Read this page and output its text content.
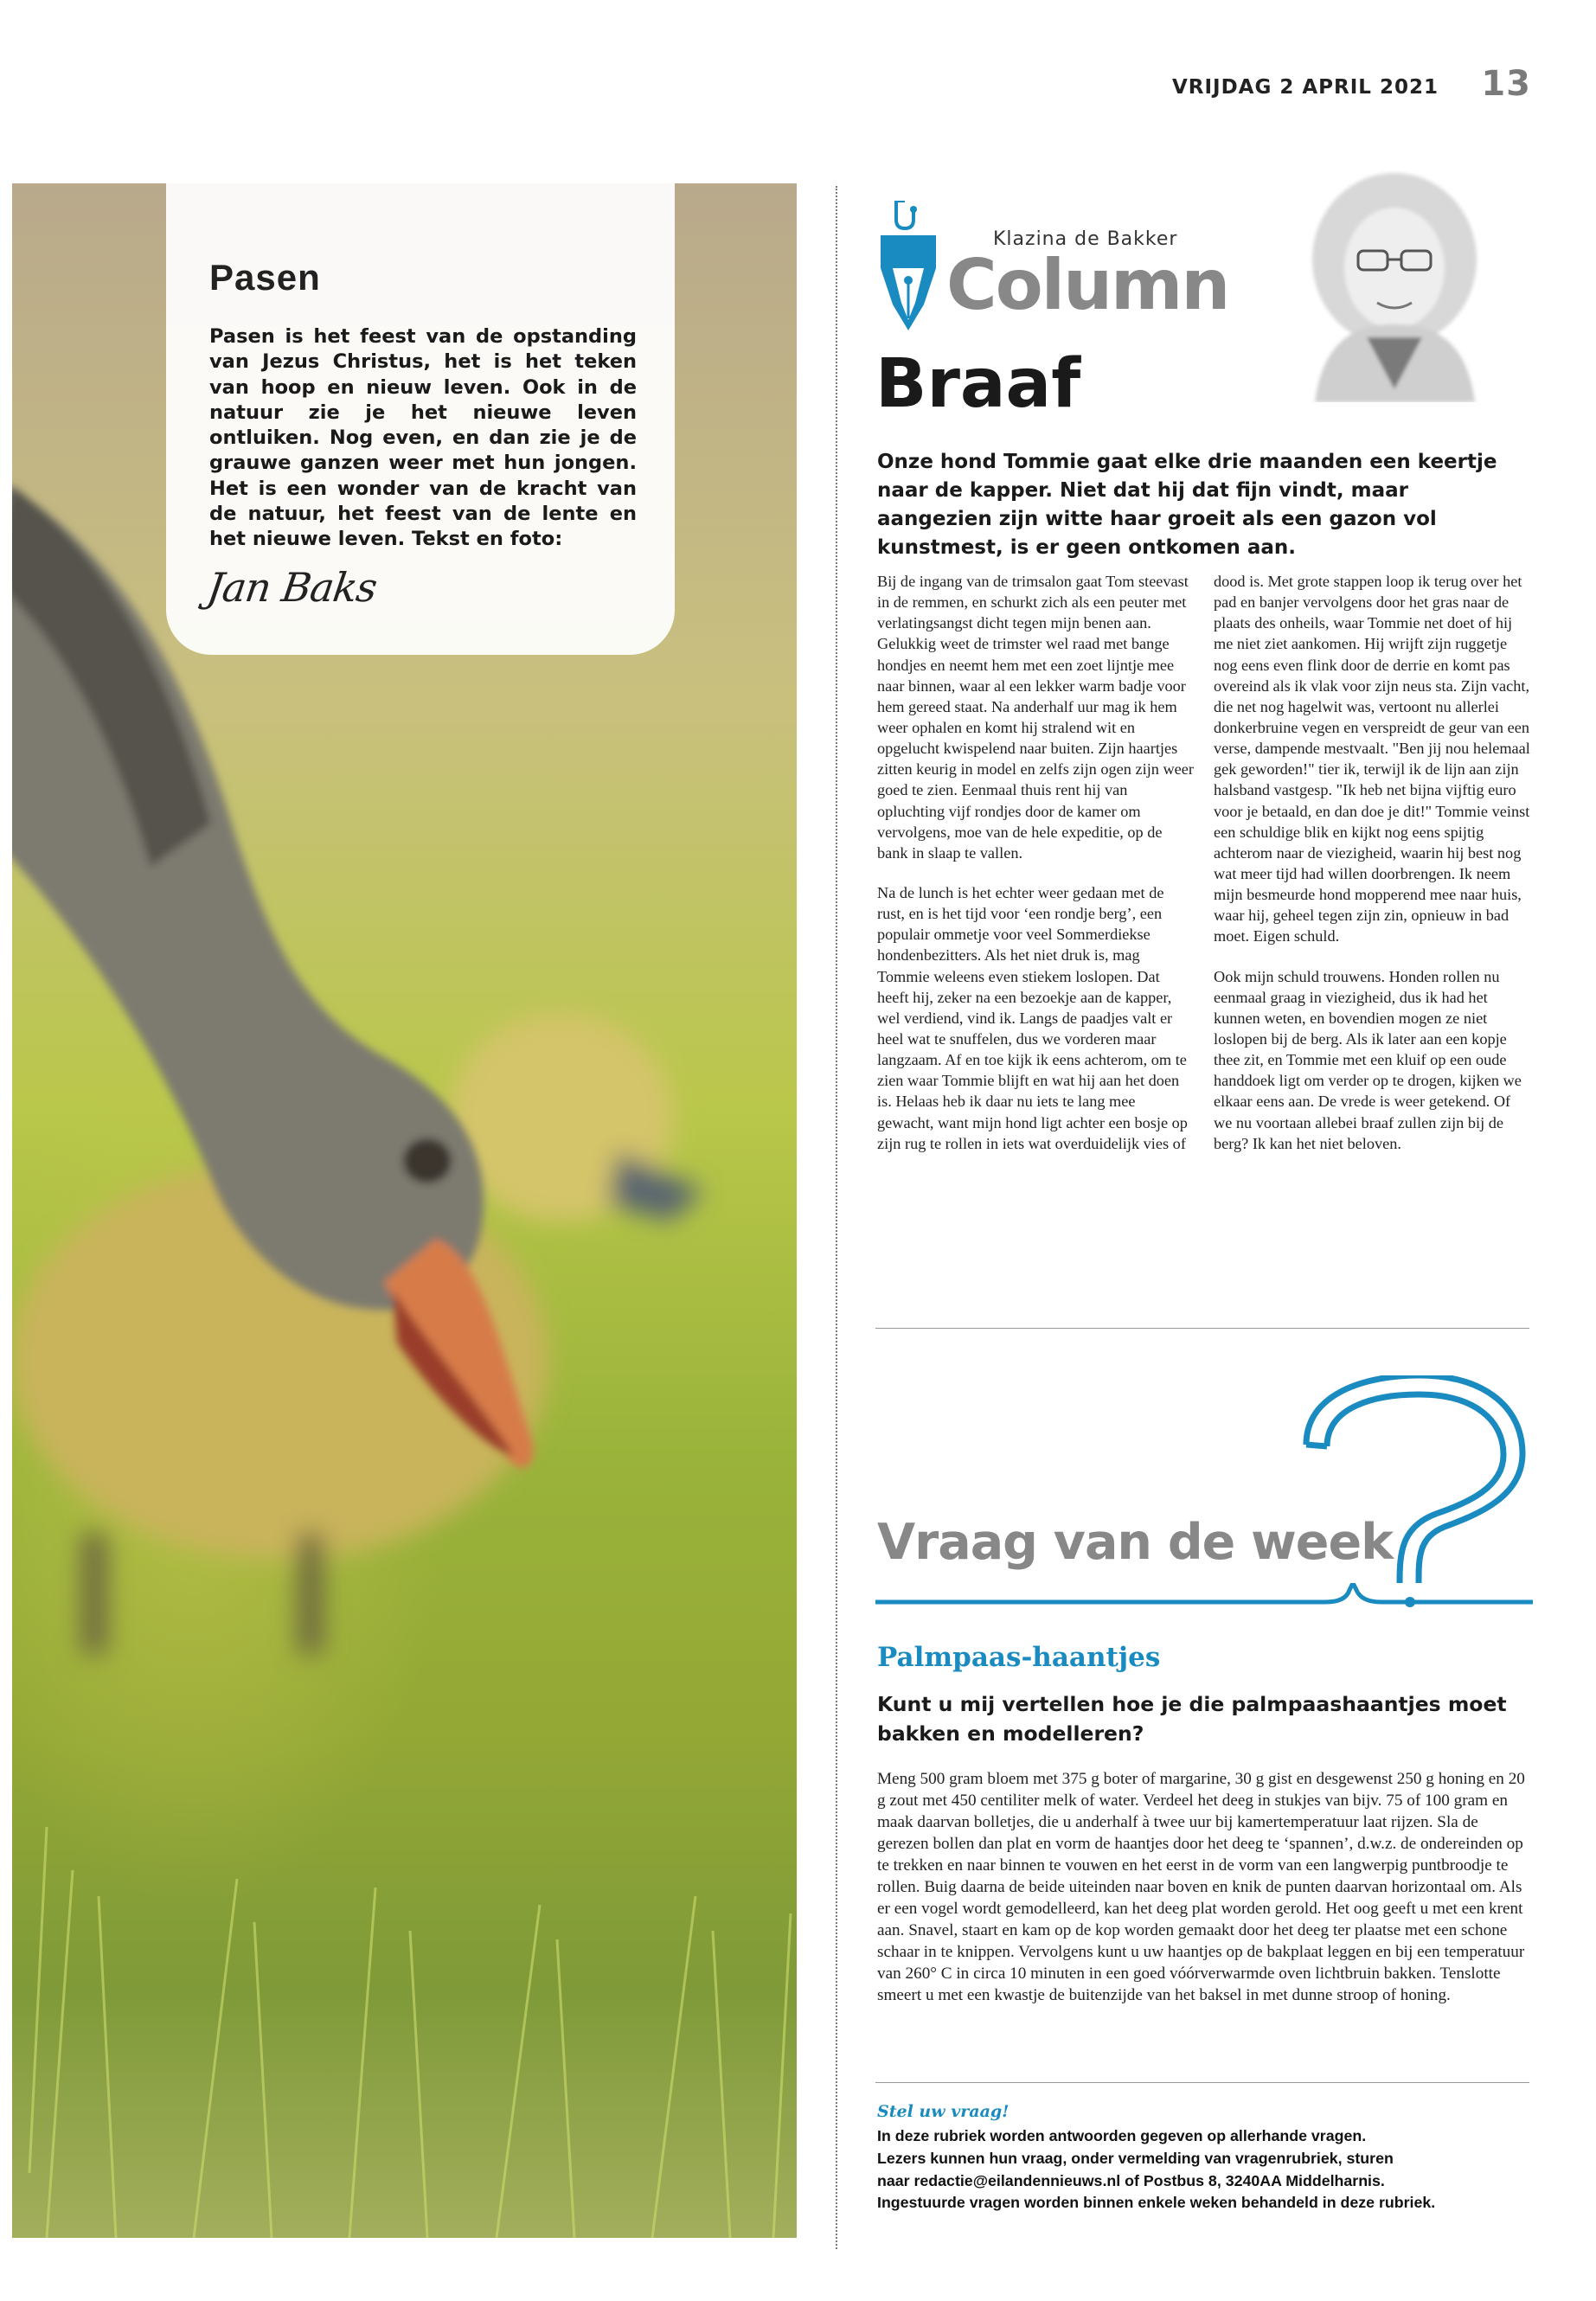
VRIJDAG 2 APRIL 2021 13
Pasen

Pasen is het feest van de opstanding van Jezus Christus, het is het teken van hoop en nieuw leven. Ook in de natuur zie je het nieuwe leven ontluiken. Nog even, en dan zie je de grauwe ganzen weer met hun jongen. Het is een wonder van de kracht van de natuur, het feest van de lente en het nieuwe leven. Tekst en foto:

Jan Baks
Klazina de Bakker
Column
Braaf

Onze hond Tommie gaat elke drie maanden een keertje naar de kapper. Niet dat hij dat fijn vindt, maar aangezien zijn witte haar groeit als een gazon vol kunstmest, is er geen ontkomen aan.

Bij de ingang van de trimsalon gaat Tom steevast in de remmen, en schurkt zich als een peuter met verlatingsangst dicht tegen mijn benen aan. Gelukkig weet de trimster wel raad met bange hondjes en neemt hem met een zoet lijntje mee naar binnen, waar al een lekker warm badje voor hem gereed staat. Na anderhalf uur mag ik hem weer ophalen en komt hij stralend wit en opgelucht kwispelend naar buiten. Zijn haartjes zitten keurig in model en zelfs zijn ogen zijn weer goed te zien. Eenmaal thuis rent hij van opluchting vijf rondjes door de kamer om vervolgens, moe van de hele expeditie, op de bank in slaap te vallen.

Na de lunch is het echter weer gedaan met de rust, en is het tijd voor ‘een rondje berg’, een populair ommetje voor veel Sommerdiekse hondenbezitters. Als het niet druk is, mag Tommie weleens even stiekem loslopen. Dat heeft hij, zeker na een bezoekje aan de kapper, wel verdiend, vind ik. Langs de paadjes valt er heel wat te snuffelen, dus we vorderen maar langzaam. Af en toe kijk ik eens achterom, om te zien waar Tommie blijft en wat hij aan het doen is. Helaas heb ik daar nu iets te lang mee gewacht, want mijn hond ligt achter een bosje op zijn rug te rollen in iets wat overduidelijk vies of dood is. Met grote stappen loop ik terug over het pad en banjer vervolgens door het gras naar de plaats des onheils, waar Tommie net doet of hij me niet ziet aankomen. Hij wrijft zijn ruggetje nog eens even flink door de derrie en komt pas overeind als ik vlak voor zijn neus sta. Zijn vacht, die net nog hagelwit was, vertoont nu allerlei donkerbruine vegen en verspreidt de geur van een verse, dampende mestvaalt. "Ben jij nou helemaal gek geworden!" tier ik, terwijl ik de lijn aan zijn halsband vastgesp. "Ik heb net bijna vijftig euro voor je betaald, en dan doe je dit!" Tommie veinst een schuldige blik en kijkt nog eens spijtig achterom naar de viezigheid, waarin hij best nog wat meer tijd had willen doorbrengen. Ik neem mijn besmeurde hond mopperend mee naar huis, waar hij, geheel tegen zijn zin, opnieuw in bad moet. Eigen schuld.

Ook mijn schuld trouwens. Honden rollen nu eenmaal graag in viezigheid, dus ik had het kunnen weten, en bovendien mogen ze niet loslopen bij de berg. Als ik later aan een kopje thee zit, en Tommie met een kluif op een oude handdoek ligt om verder op te drogen, kijken we elkaar eens aan. De vrede is weer getekend. Of we nu voortaan allebei braaf zullen zijn bij de berg? Ik kan het niet beloven.

Vraag van de week
Palmpaas-haantjes

Kunt u mij vertellen hoe je die palmpaashaantjes moet bakken en modelleren?

Meng 500 gram bloem met 375 g boter of margarine, 30 g gist en desgewenst 250 g honing en 20 g zout met 450 centiliter melk of water. Verdeel het deeg in stukjes van bijv. 75 of 100 gram en maak daarvan bolletjes, die u anderhalf à twee uur bij kamertemperatuur laat rijzen. Sla de gerezen bollen dan plat en vorm de haantjes door het deeg te ‘spannen’, d.w.z. de ondereinden op te trekken en naar binnen te vouwen en het eerst in de vorm van een langwerpig puntbroodje te rollen. Buig daarna de beide uiteinden naar boven en knik de punten daarvan horizontaal om. Als er een vogel wordt gemodelleerd, kan het deeg plat worden gerold. Het oog geeft u met een krent aan. Snavel, staart en kam op de kop worden gemaakt door het deeg ter plaatse met een schone schaar in te knippen. Vervolgens kunt u uw haantjes op de bakplaat leggen en bij een temperatuur van 260° C in circa 10 minuten in een goed vóórverwarmde oven lichtbruin bakken. Tenslotte smeert u met een kwastje de buitenzijde van het baksel in met dunne stroop of honing.

Stel uw vraag!
In deze rubriek worden antwoorden gegeven op allerhande vragen.
Lezers kunnen hun vraag, onder vermelding van vragenrubriek, sturen
naar redactie@eilandennieuws.nl of Postbus 8, 3240AA Middelharnis.
Ingestuurde vragen worden binnen enkele weken behandeld in deze rubriek.
